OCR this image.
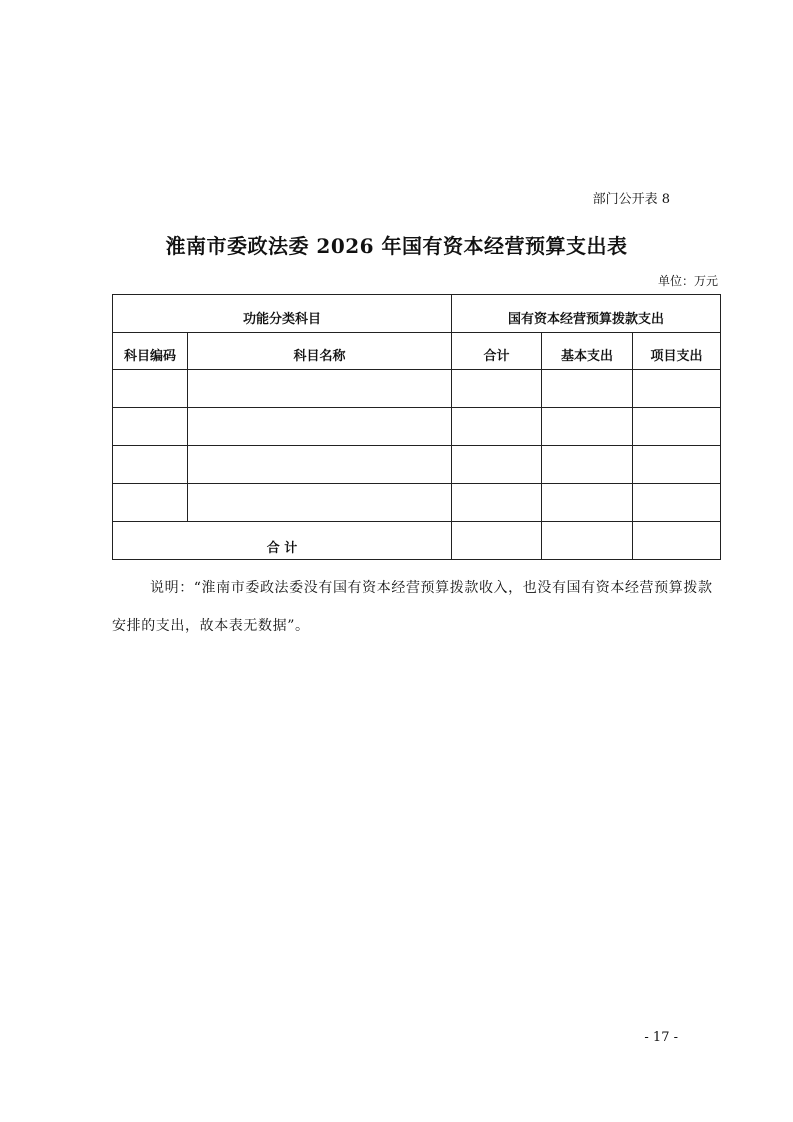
部门公开表 8
淮南市委政法委 2026 年国有资本经营预算支出表
单位：万元
功能分类科目		国有资本经营预算拨款支出		
科目编码	科目名称	合计	基本支出	项目支出

合 计				
说明：“淮南市委政法委没有国有资本经营预算拨款收入，也没有国有资本经营预算拨款安排的支出，故本表无数据”。
- 17 -
